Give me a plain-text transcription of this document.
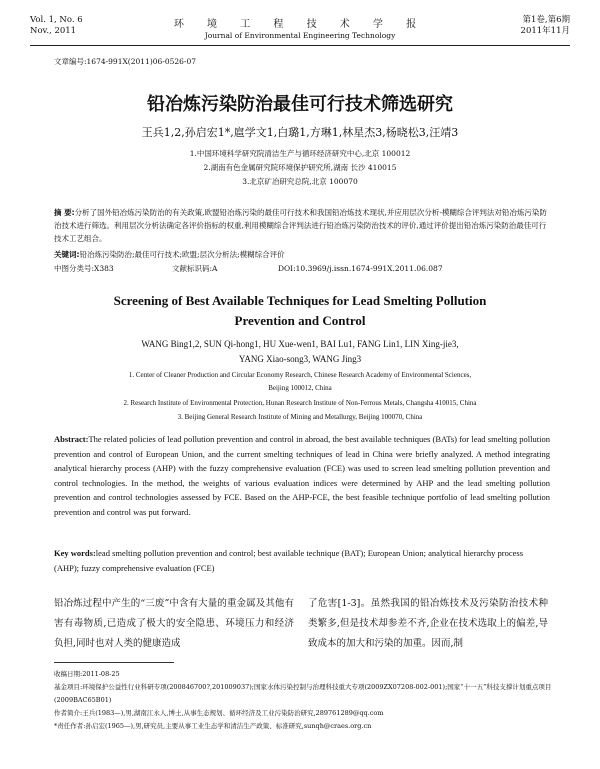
Vol. 1, No. 6
Nov., 2011
环 境 工 程 技 术 学 报
Journal of Environmental Engineering Technology
第1卷,第6期
2011年11月
文章编号:1674-991X(2011)06-0526-07
铅冶炼污染防治最佳可行技术筛选研究
王兵1,2,孙启宏1*,扈学文1,白璐1,方琳1,林星杰3,杨晓松3,汪靖3
1.中国环境科学研究院清洁生产与循环经济研究中心,北京 100012
2.湖南有色金属研究院环境保护研究所,湖南 长沙 410015
3.北京矿冶研究总院,北京 100070
摘 要:分析了国外铅冶炼污染防治的有关政策,欧盟铅冶炼污染的最佳可行技术和我国铅冶炼技术现状,并应用层次分析-模糊综合评判法对铅冶炼污染防治技术进行筛选。利用层次分析法确定各评价指标的权重,利用模糊综合评判法进行铅冶炼污染防治技术的评价,通过评价提出铅冶炼污染防治最佳可行技术工艺组合。
关键词:铅冶炼污染防治;最佳可行技术;欧盟;层次分析法;模糊综合评价
中图分类号:X383	文献标识码:A	DOI:10.3969/j.issn.1674-991X.2011.06.087
Screening of Best Available Techniques for Lead Smelting Pollution
Prevention and Control
WANG Bing1,2, SUN Qi-hong1, HU Xue-wen1, BAI Lu1, FANG Lin1, LIN Xing-jie3,
YANG Xiao-song3, WANG Jing3
1. Center of Cleaner Production and Circular Economy Research, Chinese Research Academy of Environmental Sciences,
Beijing 100012, China
2. Research Institute of Environmental Protection, Hunan Research Institute of Non-Ferrous Metals, Changsha 410015, China
3. Beijing General Research Institute of Mining and Metallurgy, Beijing 100070, China
Abstract:The related policies of lead pollution prevention and control in abroad, the best available techniques (BATs) for lead smelting pollution prevention and control of European Union, and the current smelting techniques of lead in China were briefly analyzed. A method integrating analytical hierarchy process (AHP) with the fuzzy comprehensive evaluation (FCE) was used to screen lead smelting pollution prevention and control technologies. In the method, the weights of various evaluation indices were determined by AHP and the lead smelting pollution prevention and control technologies assessed by FCE. Based on the AHP-FCE, the best feasible technique portfolio of lead smelting pollution prevention and control was put forward.
Key words:lead smelting pollution prevention and control; best available technique (BAT); European Union; analytical hierarchy process (AHP); fuzzy comprehensive evaluation (FCE)
铅冶炼过程中产生的“三废”中含有大量的重金属及其他有害有毒物质,已造成了极大的安全隐患、环境压力和经济负担,同时也对人类的健康造成
了危害[1-3]。虽然我国的铅冶炼技术及污染防治技术种类繁多,但是技术却参差不齐,企业在技术选取上的偏差,导致成本的加大和污染的加重。因而,制
收稿日期:2011-08-25
基金项目:环境保护公益性行业科研专项(200846700?,201009037);国家水体污染控制与治理科技重大专项(2009ZX07208-002-001);国家“十一五”科技支撑计划重点项目(2009BAC65B01)
作者简介:王兵(1983—),男,湖南江永人,博士,从事生态规划、循环经济及工业污染防治研究,289761289@qq.com
*责任作者:孙启宏(1965—),男,研究员,主要从事工业生态学和清洁生产政策、标准研究,sunqh@craes.org.cn
